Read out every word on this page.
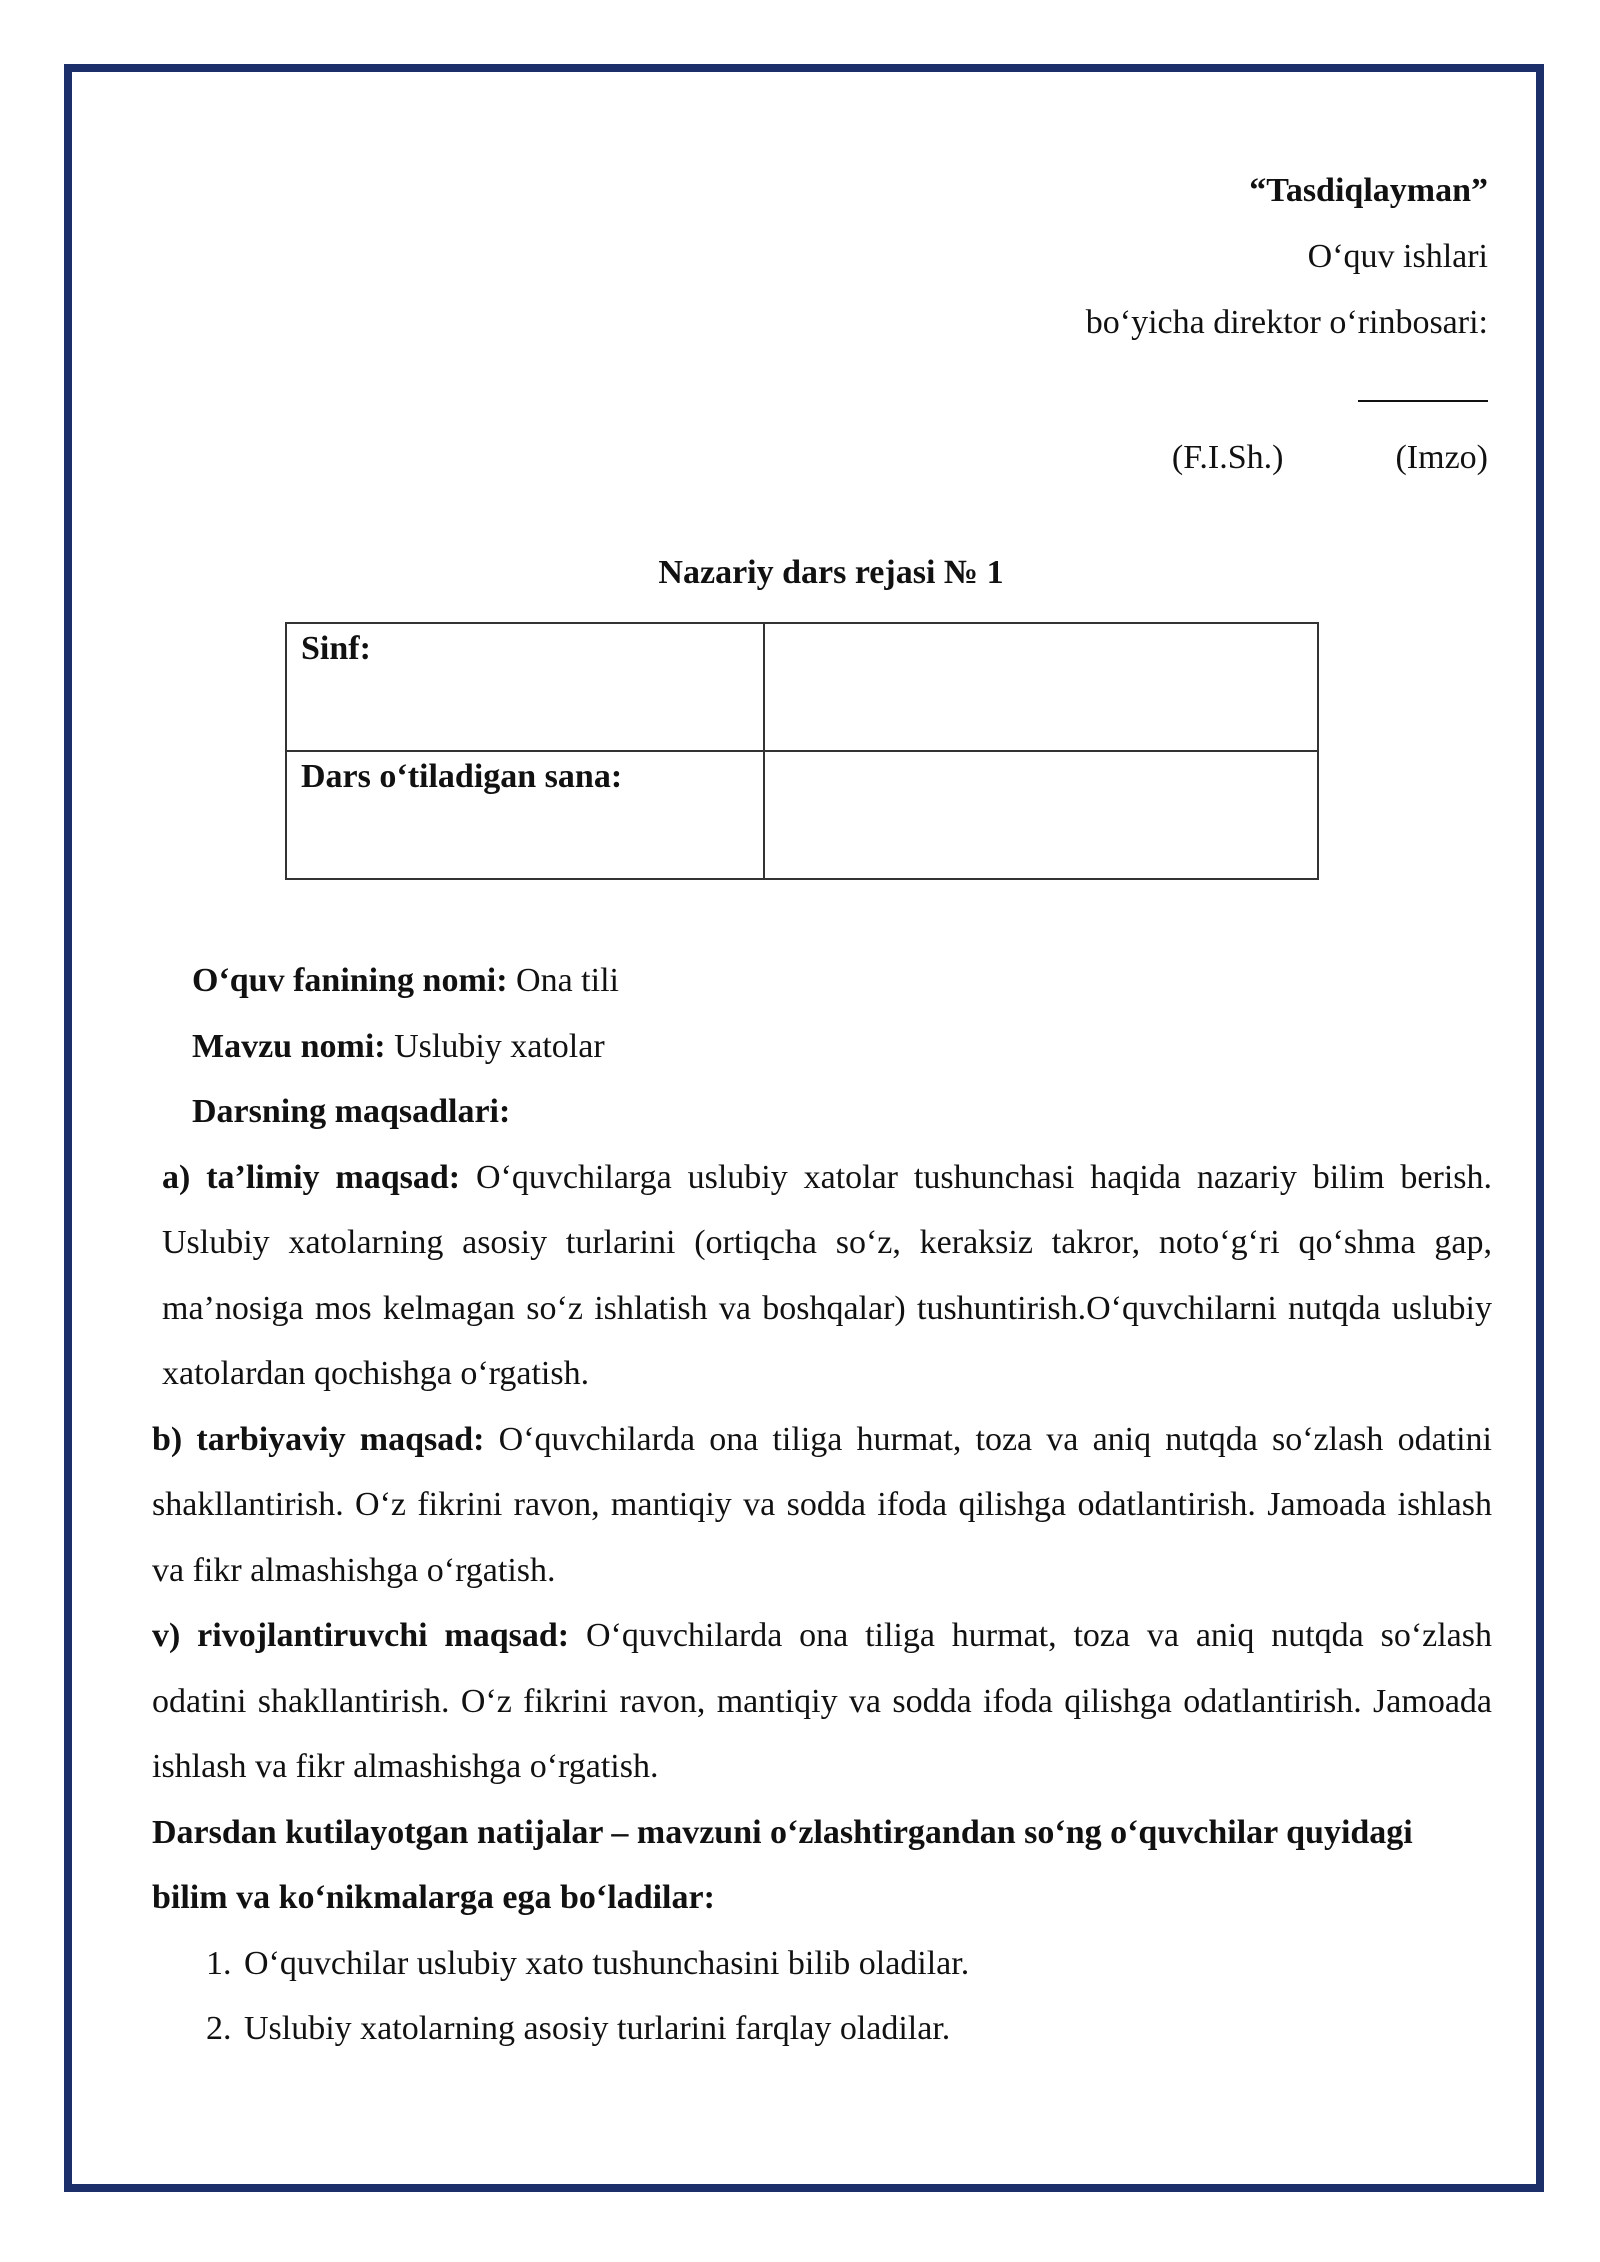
“Tasdiqlayman”
O‘quv ishlari
bo‘yicha direktor o‘rinbosari:
(F.I.Sh.)	(Imzo)
Nazariy dars rejasi № 1
Sinf:	
Dars o‘tiladigan sana:	
O‘quv fanining nomi: Ona tili
Mavzu nomi: Uslubiy xatolar
Darsning maqsadlari:
a) ta’limiy maqsad: O‘quvchilarga uslubiy xatolar tushunchasi haqida nazariy bilim berish. Uslubiy xatolarning asosiy turlarini (ortiqcha so‘z, keraksiz takror, noto‘g‘ri qo‘shma gap, ma’nosiga mos kelmagan so‘z ishlatish va boshqalar) tushuntirish.O‘quvchilarni nutqda uslubiy xatolardan qochishga o‘rgatish.
b) tarbiyaviy maqsad: O‘quvchilarda ona tiliga hurmat, toza va aniq nutqda so‘zlash odatini shakllantirish. O‘z fikrini ravon, mantiqiy va sodda ifoda qilishga odatlantirish. Jamoada ishlash va fikr almashishga o‘rgatish.
v) rivojlantiruvchi maqsad: O‘quvchilarda ona tiliga hurmat, toza va aniq nutqda so‘zlash odatini shakllantirish. O‘z fikrini ravon, mantiqiy va sodda ifoda qilishga odatlantirish. Jamoada ishlash va fikr almashishga o‘rgatish.
Darsdan kutilayotgan natijalar – mavzuni o‘zlashtirgandan so‘ng o‘quvchilar quyidagi bilim va ko‘nikmalarga ega bo‘ladilar:
1. O‘quvchilar uslubiy xato tushunchasini bilib oladilar.
2. Uslubiy xatolarning asosiy turlarini farqlay oladilar.
